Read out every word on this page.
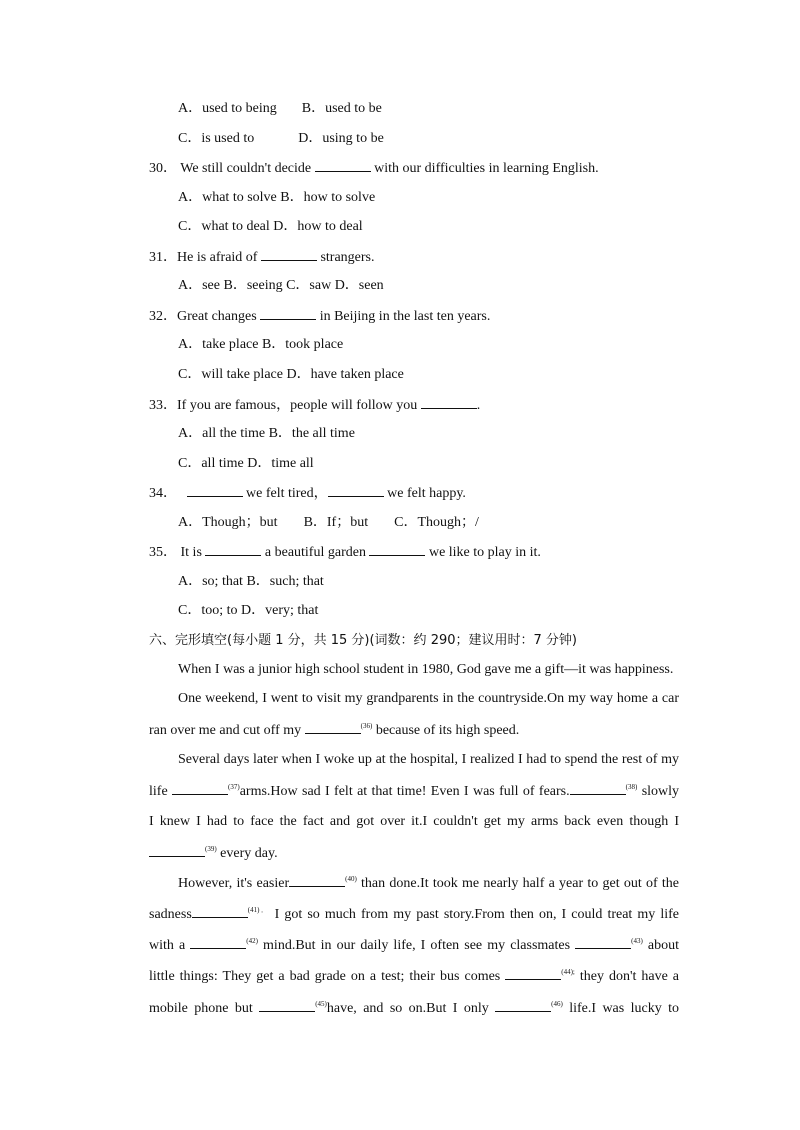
A．used to being B．used to be
C．is used to	D．using to be
30． We still couldn't decide	with our difficulties in learning English.
A．what to solve B．how to solve
C．what to deal D．how to deal
31．He is afraid of	strangers.
A．see B．seeing C．saw D．seen
32．Great changes	in Beijing in the last ten years.
A．take place B．took place
C．will take place D．have taken place
33．If you are famous，people will follow you	.
A．all the time B．the all time
C．all time D．time all
34．	we felt tired，	we felt happy.
A．Though；but B．If；but C．Though；/
35． It is	a beautiful garden	we like to play in it.
A．so; that B．such; that
C．too; to D．very; that
六、完形填空(每小题 1 分，共 15 分)(词数：约 290；建议用时：7 分钟)
When I was a junior high school student in 1980, God gave me a gift—it was happiness.
One weekend, I went to visit my grandparents in the countryside.On my way home a car
ran over me and cut off my	$^{(36)}$ because of its high speed.
Several days later when I woke up at the hospital, I realized I had to spend the rest of my
life	$^{(37)}$arms.How sad I felt at that time! Even I was full of fears.	$^{(38)}$ slowly
I knew I had to face the fact and got over it.I couldn't get my arms back even though I
$^{(39)}$ every day.
However, it's easier	$^{(40)}$ than done.It took me nearly half a year to get out of the
sadness	$^{(41).}$ I got so much from my past story.From then on, I could treat my life
with a	$^{(42)}$ mind.But in our daily life, I often see my classmates	$^{(43)}$ about
little things: They get a bad grade on a test; their bus comes	$^{(44);}$ they don't have a
mobile phone but	$^{(45)}$have, and so on.But I only	$^{(46)}$ life.I was lucky to
